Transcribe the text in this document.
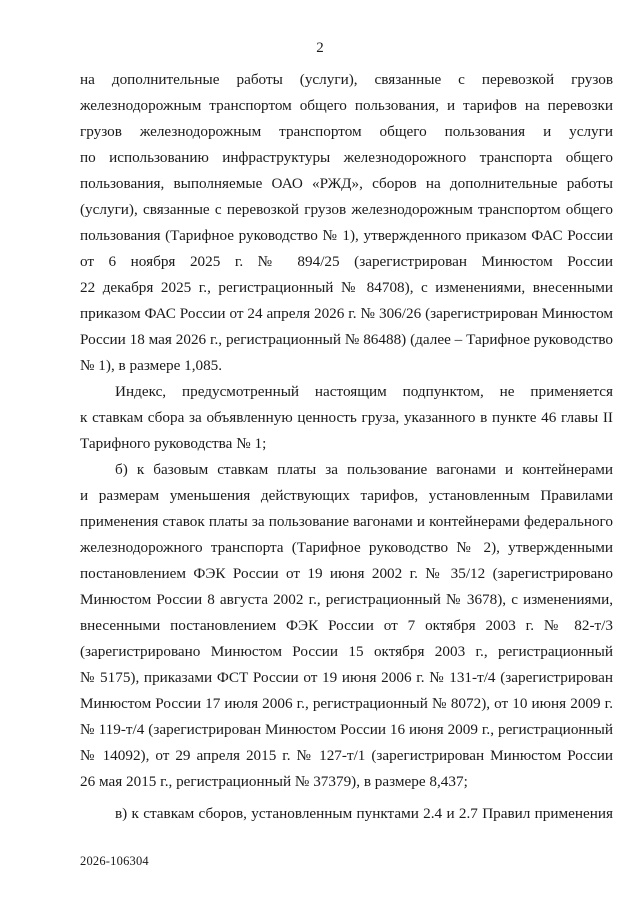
2
на дополнительные работы (услуги), связанные с перевозкой грузов
железнодорожным транспортом общего пользования, и тарифов на перевозки
грузов железнодорожным транспортом общего пользования и услуги
по использованию инфраструктуры железнодорожного транспорта общего
пользования, выполняемые ОАО «РЖД», сборов на дополнительные работы
(услуги), связанные с перевозкой грузов железнодорожным транспортом общего
пользования (Тарифное руководство № 1), утвержденного приказом ФАС России
от 6 ноября 2025 г. № 894/25 (зарегистрирован Минюстом России
22 декабря 2025 г., регистрационный № 84708), с изменениями, внесенными
приказом ФАС России от 24 апреля 2026 г. № 306/26 (зарегистрирован Минюстом
России 18 мая 2026 г., регистрационный № 86488) (далее – Тарифное руководство
№ 1), в размере 1,085.
Индекс, предусмотренный настоящим подпунктом, не применяется
к ставкам сбора за объявленную ценность груза, указанного в пункте 46 главы II
Тарифного руководства № 1;
б) к базовым ставкам платы за пользование вагонами и контейнерами
и размерам уменьшения действующих тарифов, установленным Правилами
применения ставок платы за пользование вагонами и контейнерами федерального
железнодорожного транспорта (Тарифное руководство № 2), утвержденными
постановлением ФЭК России от 19 июня 2002 г. № 35/12 (зарегистрировано
Минюстом России 8 августа 2002 г., регистрационный № 3678), с изменениями,
внесенными постановлением ФЭК России от 7 октября 2003 г. № 82-т/3
(зарегистрировано Минюстом России 15 октября 2003 г., регистрационный
№ 5175), приказами ФСТ России от 19 июня 2006 г. № 131-т/4 (зарегистрирован
Минюстом России 17 июля 2006 г., регистрационный № 8072), от 10 июня 2009 г.
№ 119-т/4 (зарегистрирован Минюстом России 16 июня 2009 г., регистрационный
№ 14092), от 29 апреля 2015 г. № 127-т/1 (зарегистрирован Минюстом России
26 мая 2015 г., регистрационный № 37379), в размере 8,437;
в) к ставкам сборов, установленным пунктами 2.4 и 2.7 Правил применения
2026-106304
